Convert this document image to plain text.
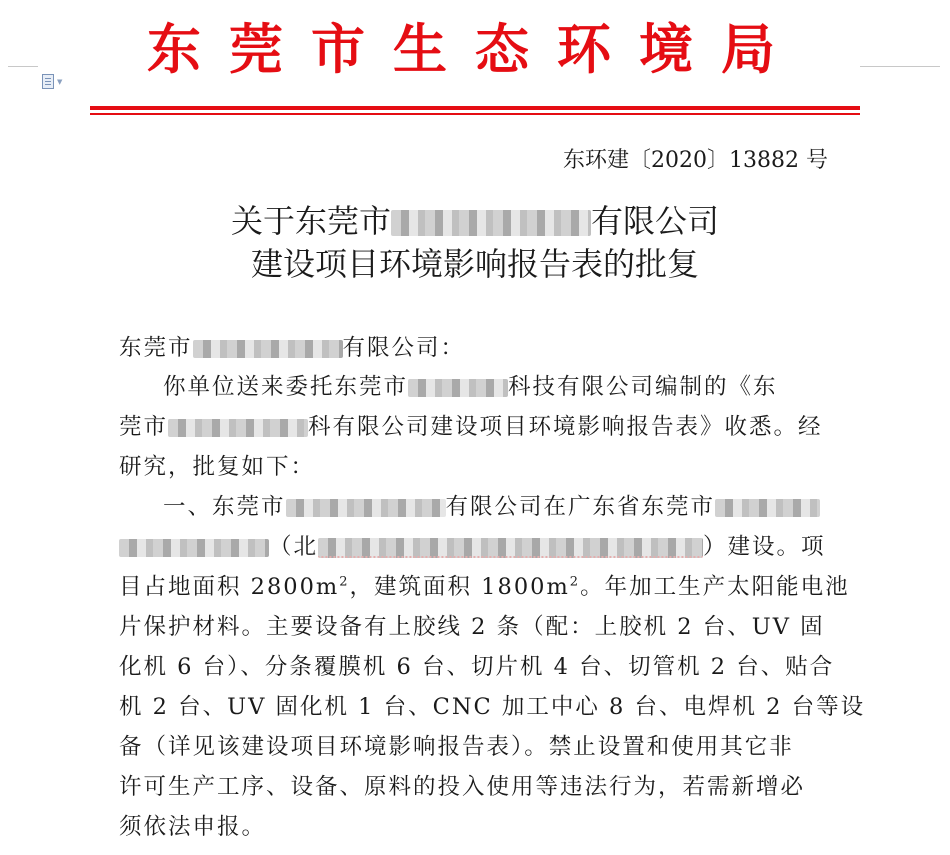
▼
东莞市生态环境局
东环建〔2020〕13882 号
关于东莞市	有限公司
建设项目环境影响报告表的批复
东莞市	有限公司：
你单位送来委托东莞市	科技有限公司编制的《东
莞市	科有限公司建设项目环境影响报告表》收悉。经
研究，批复如下：
一、东莞市	有限公司在广东省东莞市
（北	）建设。项
目占地面积 $2800m^2$，建筑面积 $1800m^2$。年加工生产太阳能电池
片保护材料。主要设备有上胶线 2 条（配：上胶机 2 台、UV 固
化机 6 台）、分条覆膜机 6 台、切片机 4 台、切管机 2 台、贴合
机 2 台、UV 固化机 1 台、CNC 加工中心 8 台、电焊机 2 台等设
备（详见该建设项目环境影响报告表）。禁止设置和使用其它非
许可生产工序、设备、原料的投入使用等违法行为，若需新增必
须依法申报。
